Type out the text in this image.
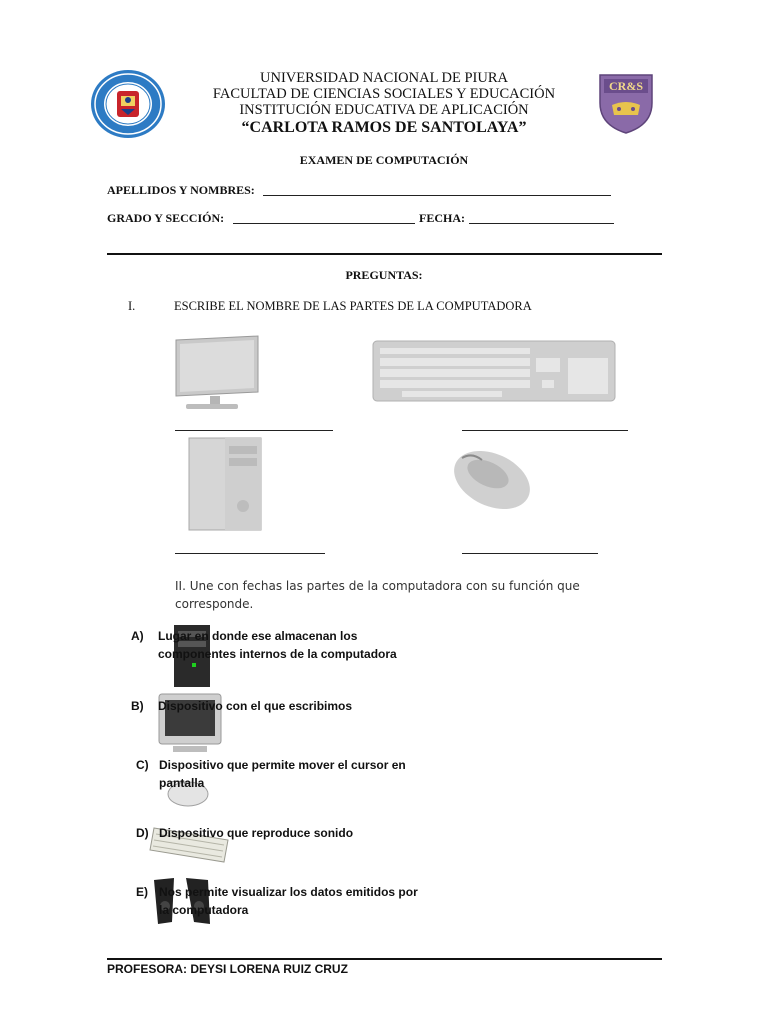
CR&S
UNIVERSIDAD NACIONAL DE PIURA
FACULTAD DE CIENCIAS SOCIALES Y EDUCACIÓN
INSTITUCIÓN EDUCATIVA DE APLICACIÓN
“CARLOTA RAMOS DE SANTOLAYA”
EXAMEN DE COMPUTACIÓN
APELLIDOS Y NOMBRES:
GRADO Y SECCIÓN:	FECHA:
PREGUNTAS:
I.	ESCRIBE EL NOMBRE DE LAS PARTES DE LA COMPUTADORA
II. Une con fechas las partes de la computadora con su función que corresponde.
A) Lugar en donde ese almacenan los componentes internos de la computadora
B) Dispositivo con el que escribimos
C) Dispositivo que permite mover el cursor en pantalla
D) Dispositivo que reproduce sonido
E) Nos permite visualizar los datos emitidos por la computadora
PROFESORA: DEYSI LORENA RUIZ CRUZ
